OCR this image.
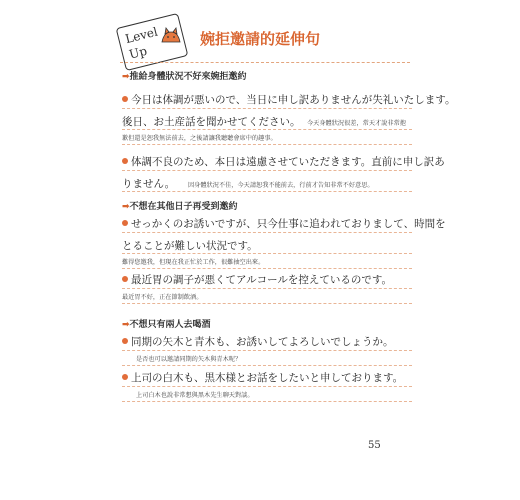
Level
Up
婉拒邀請的延伸句
➡推給身體狀況不好來婉拒邀約
今日は体調が悪いので、当日に申し訳ありませんが失礼いたします。
後日、お土産話を聞かせてください。	今天身體狀況很差，常天才說非常抱
歉但還是恕我無法前去，之後請讓我聽聽會席中的趣事。
体調不良のため、本日は遠慮させていただきます。直前に申し訳あ
りません。	因身體狀況不佳，今天請恕我不能前去，行前才告知非常不好意思。
➡不想在其他日子再受到邀約
せっかくのお誘いですが、只今仕事に追われておりまして、時間を
とることが難しい状況です。
難得您邀我，但現在我正忙於工作，很難抽空出來。
最近胃の調子が悪くてアルコールを控えているのです。
最近胃不好，正在節制飲酒。
➡不想只有兩人去喝酒
同期の矢木と青木も、お誘いしてよろしいでしょうか。
是否也可以邀請同期的矢木與青木呢？
上司の白木も、黒木様とお話をしたいと申しております。
上司白木也說非常想與黑木先生聊天對談。
55
